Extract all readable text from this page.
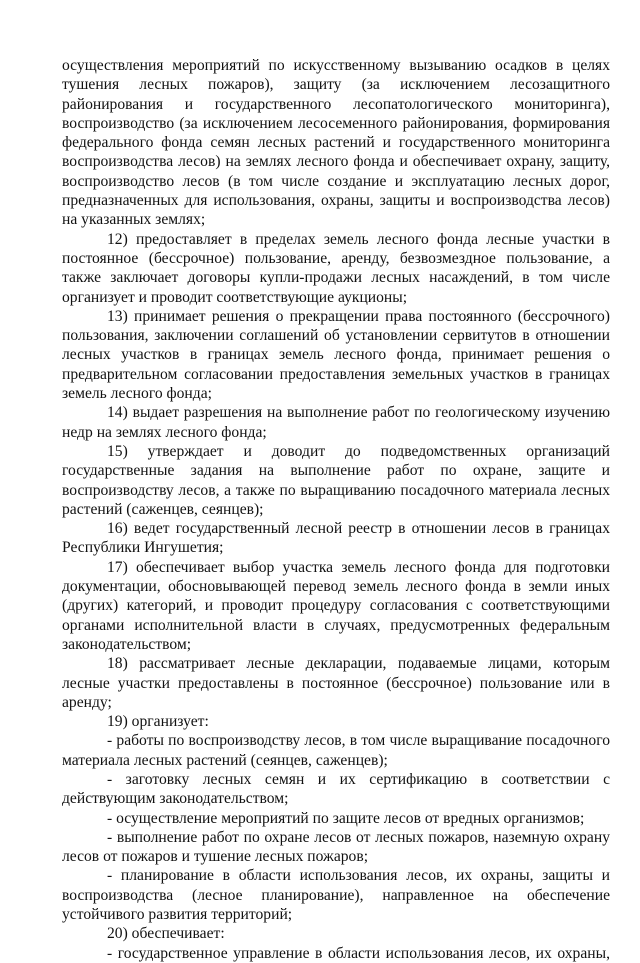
осуществления мероприятий по искусственному вызыванию осадков в целях тушения лесных пожаров), защиту (за исключением лесозащитного районирования и государственного лесопатологического мониторинга), воспроизводство (за исключением лесосеменного районирования, формирования федерального фонда семян лесных растений и государственного мониторинга воспроизводства лесов) на землях лесного фонда и обеспечивает охрану, защиту, воспроизводство лесов (в том числе создание и эксплуатацию лесных дорог, предназначенных для использования, охраны, защиты и воспроизводства лесов) на указанных землях;

12) предоставляет в пределах земель лесного фонда лесные участки в постоянное (бессрочное) пользование, аренду, безвозмездное пользование, а также заключает договоры купли-продажи лесных насаждений, в том числе организует и проводит соответствующие аукционы;

13) принимает решения о прекращении права постоянного (бессрочного) пользования, заключении соглашений об установлении сервитутов в отношении лесных участков в границах земель лесного фонда, принимает решения о предварительном согласовании предоставления земельных участков в границах земель лесного фонда;

14) выдает разрешения на выполнение работ по геологическому изучению недр на землях лесного фонда;

15) утверждает и доводит до подведомственных организаций государственные задания на выполнение работ по охране, защите и воспроизводству лесов, а также по выращиванию посадочного материала лесных растений (саженцев, сеянцев);

16) ведет государственный лесной реестр в отношении лесов в границах Республики Ингушетия;

17) обеспечивает выбор участка земель лесного фонда для подготовки документации, обосновывающей перевод земель лесного фонда в земли иных (других) категорий, и проводит процедуру согласования с соответствующими органами исполнительной власти в случаях, предусмотренных федеральным законодательством;

18) рассматривает лесные декларации, подаваемые лицами, которым лесные участки предоставлены в постоянное (бессрочное) пользование или в аренду;

19) организует:

- работы по воспроизводству лесов, в том числе выращивание посадочного материала лесных растений (сеянцев, саженцев);

- заготовку лесных семян и их сертификацию в соответствии с действующим законодательством;

- осуществление мероприятий по защите лесов от вредных организмов;

- выполнение работ по охране лесов от лесных пожаров, наземную охрану лесов от пожаров и тушение лесных пожаров;

- планирование в области использования лесов, их охраны, защиты и воспроизводства (лесное планирование), направленное на обеспечение устойчивого развития территорий;

20) обеспечивает:

- государственное управление в области использования лесов, их охраны,
